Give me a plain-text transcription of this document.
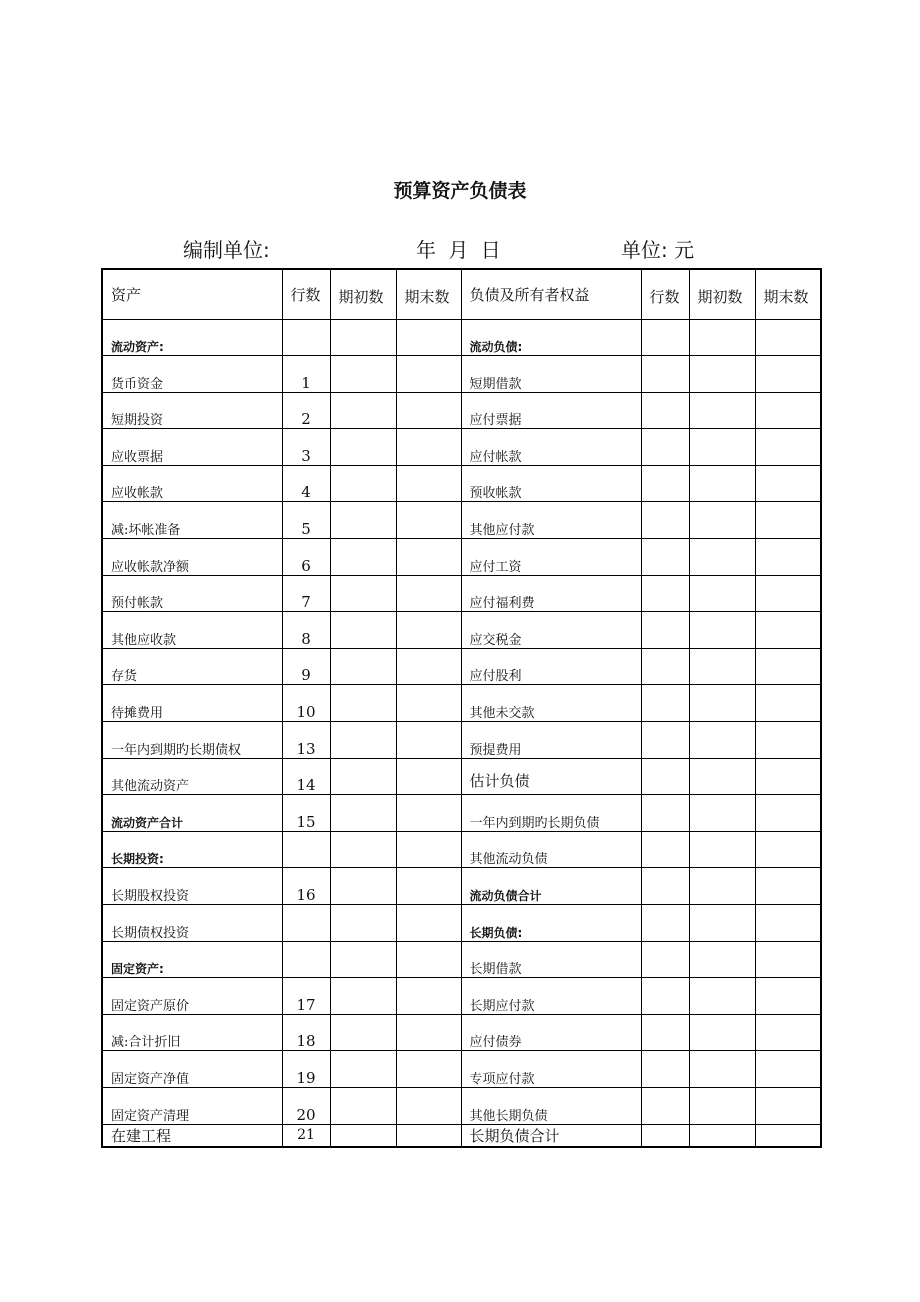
预算资产负债表
编制单位:	年 月 日	单位: 元
资产	行数	期初数	期末数	负债及所有者权益	行数	期初数	期末数
流动资产:				流动负债:			
货币资金	1			短期借款			
短期投资	2			应付票据			
应收票据	3			应付帐款			
应收帐款	4			预收帐款			
减:坏帐准备	5			其他应付款			
应收帐款净额	6			应付工资			
预付帐款	7			应付福利费			
其他应收款	8			应交税金			
存货	9			应付股利			
待摊费用	10			其他未交款			
一年内到期旳长期债权	13			预提费用			
其他流动资产	14			估计负债			
流动资产合计	15			一年内到期旳长期负债			
长期投资:				其他流动负债			
长期股权投资	16			流动负债合计			
长期债权投资				长期负债:			
固定资产:				长期借款			
固定资产原价	17			长期应付款			
减:合计折旧	18			应付债券			
固定资产净值	19			专项应付款			
固定资产清理	20			其他长期负债			
在建工程	21			长期负债合计			
